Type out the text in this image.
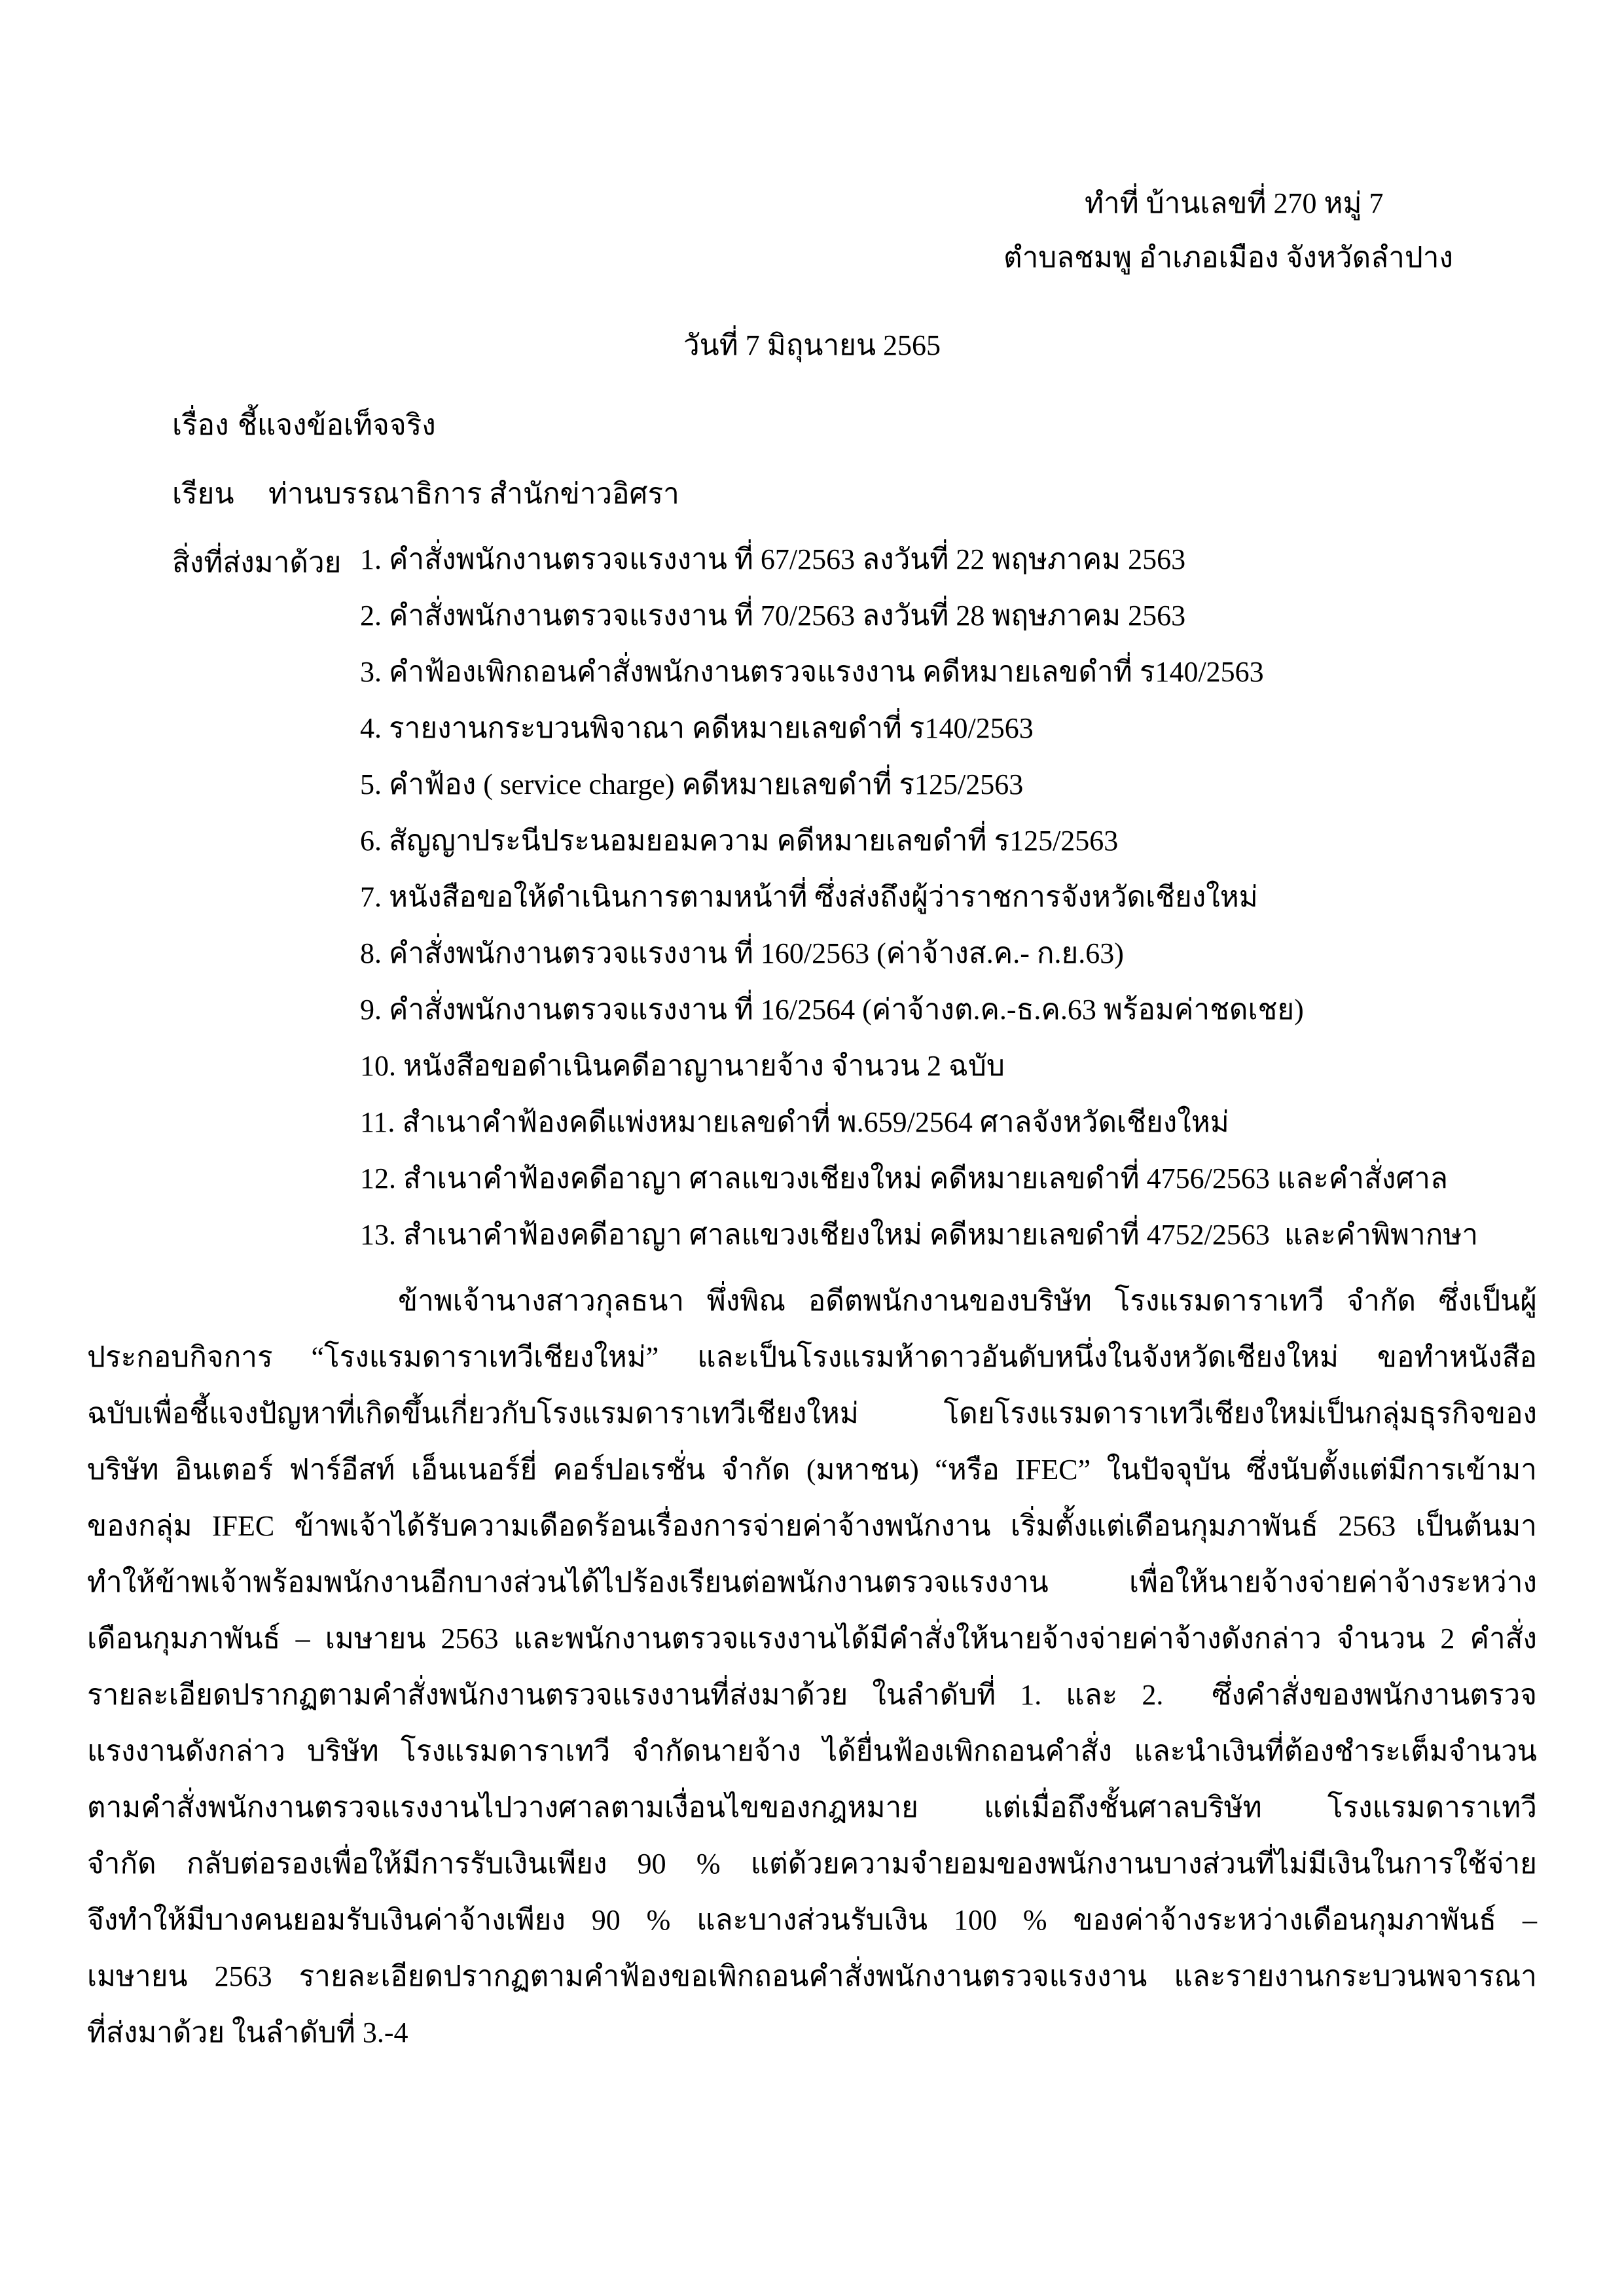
ทำที่ บ้านเลขที่ 270 หมู่ 7
ตำบลชมพู อำเภอเมือง จังหวัดลำปาง
วันที่ 7 มิถุนายน 2565
เรื่อง ชี้แจงข้อเท็จจริง
เรียน ท่านบรรณาธิการ สำนักข่าวอิศรา
สิ่งที่ส่งมาด้วย 1. คำสั่งพนักงานตรวจแรงงาน ที่ 67/2563 ลงวันที่ 22 พฤษภาคม 2563
2. คำสั่งพนักงานตรวจแรงงาน ที่ 70/2563 ลงวันที่ 28 พฤษภาคม 2563
3. คำฟ้องเพิกถอนคำสั่งพนักงานตรวจแรงงาน คดีหมายเลขดำที่ ร140/2563
4. รายงานกระบวนพิจาณา คดีหมายเลขดำที่ ร140/2563
5. คำฟ้อง ( service charge) คดีหมายเลขดำที่ ร125/2563
6. สัญญาประนีประนอมยอมความ คดีหมายเลขดำที่ ร125/2563
7. หนังสือขอให้ดำเนินการตามหน้าที่ ซึ่งส่งถึงผู้ว่าราชการจังหวัดเชียงใหม่
8. คำสั่งพนักงานตรวจแรงงาน ที่ 160/2563 (ค่าจ้างส.ค.- ก.ย.63)
9. คำสั่งพนักงานตรวจแรงงาน ที่ 16/2564 (ค่าจ้างต.ค.-ธ.ค.63 พร้อมค่าชดเชย)
10. หนังสือขอดำเนินคดีอาญานายจ้าง จำนวน 2 ฉบับ
11. สำเนาคำฟ้องคดีแพ่งหมายเลขดำที่ พ.659/2564 ศาลจังหวัดเชียงใหม่
12. สำเนาคำฟ้องคดีอาญา ศาลแขวงเชียงใหม่ คดีหมายเลขดำที่ 4756/2563 และคำสั่งศาล
13. สำเนาคำฟ้องคดีอาญา ศาลแขวงเชียงใหม่ คดีหมายเลขดำที่ 4752/2563  และคำพิพากษา
ข้าพเจ้านางสาวกุลธนา พึ่งพิณ อดีตพนักงานของบริษัท โรงแรมดาราเทวี จำกัด ซึ่งเป็นผู้
ประกอบกิจการ “โรงแรมดาราเทวีเชียงใหม่” และเป็นโรงแรมห้าดาวอันดับหนึ่งในจังหวัดเชียงใหม่ ขอทำหนังสือ
ฉบับเพื่อชี้แจงปัญหาที่เกิดขึ้นเกี่ยวกับโรงแรมดาราเทวีเชียงใหม่ โดยโรงแรมดาราเทวีเชียงใหม่เป็นกลุ่มธุรกิจของ
บริษัท อินเตอร์ ฟาร์อีสท์ เอ็นเนอร์ยี่ คอร์ปอเรชั่น จำกัด (มหาชน) “หรือ IFEC” ในปัจจุบัน ซึ่งนับตั้งแต่มีการเข้ามา
ของกลุ่ม IFEC ข้าพเจ้าได้รับความเดือดร้อนเรื่องการจ่ายค่าจ้างพนักงาน เริ่มตั้งแต่เดือนกุมภาพันธ์ 2563 เป็นต้นมา
ทำให้ข้าพเจ้าพร้อมพนักงานอีกบางส่วนได้ไปร้องเรียนต่อพนักงานตรวจแรงงาน เพื่อให้นายจ้างจ่ายค่าจ้างระหว่าง
เดือนกุมภาพันธ์ – เมษายน 2563 และพนักงานตรวจแรงงานได้มีคำสั่งให้นายจ้างจ่ายค่าจ้างดังกล่าว จำนวน 2 คำสั่ง
รายละเอียดปรากฏตามคำสั่งพนักงานตรวจแรงงานที่ส่งมาด้วย ในลำดับที่ 1. และ 2.  ซึ่งคำสั่งของพนักงานตรวจ
แรงงานดังกล่าว บริษัท โรงแรมดาราเทวี จำกัดนายจ้าง ได้ยื่นฟ้องเพิกถอนคำสั่ง และนำเงินที่ต้องชำระเต็มจำนวน
ตามคำสั่งพนักงานตรวจแรงงานไปวางศาลตามเงื่อนไขของกฎหมาย แต่เมื่อถึงชั้นศาลบริษัท โรงแรมดาราเทวี
จำกัด กลับต่อรองเพื่อให้มีการรับเงินเพียง 90 % แต่ด้วยความจำยอมของพนักงานบางส่วนที่ไม่มีเงินในการใช้จ่าย
จึงทำให้มีบางคนยอมรับเงินค่าจ้างเพียง 90 % และบางส่วนรับเงิน 100 % ของค่าจ้างระหว่างเดือนกุมภาพันธ์ –
เมษายน 2563 รายละเอียดปรากฏตามคำฟ้องขอเพิกถอนคำสั่งพนักงานตรวจแรงงาน และรายงานกระบวนพจารณา
ที่ส่งมาด้วย ในลำดับที่ 3.-4
